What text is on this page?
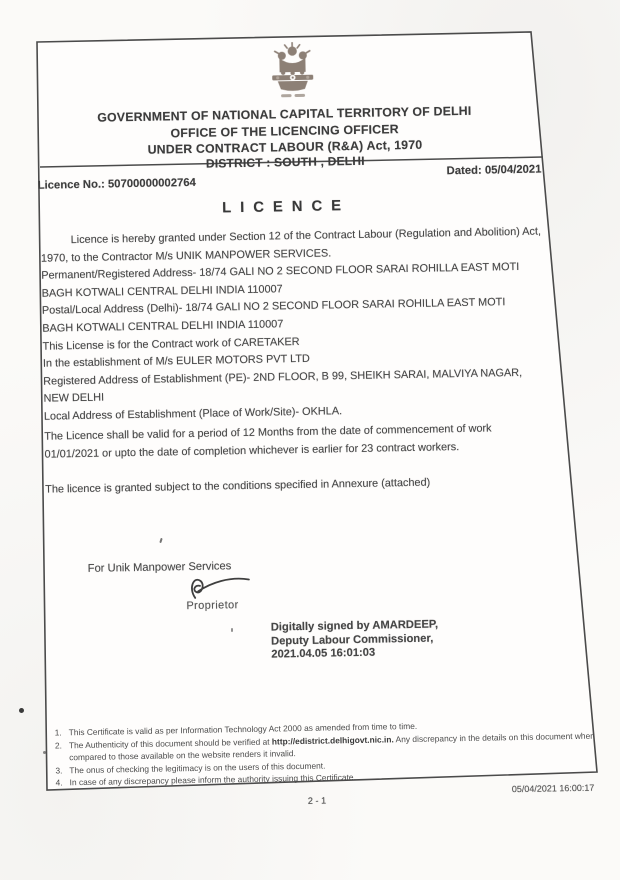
GOVERNMENT OF NATIONAL CAPITAL TERRITORY OF DELHI
OFFICE OF THE LICENCING OFFICER
UNDER CONTRACT LABOUR (R&A) Act, 1970
DISTRICT : SOUTH , DELHI
Licence No.: 50700000002764
Dated: 05/04/2021
LICENCE
Licence is hereby granted under Section 12 of the Contract Labour (Regulation and Abolition) Act,
1970, to the Contractor M/s UNIK MANPOWER SERVICES.
Permanent/Registered Address- 18/74 GALI NO 2 SECOND FLOOR SARAI ROHILLA EAST MOTI
BAGH KOTWALI CENTRAL DELHI INDIA 110007
Postal/Local Address (Delhi)- 18/74 GALI NO 2 SECOND FLOOR SARAI ROHILLA EAST MOTI
BAGH KOTWALI CENTRAL DELHI INDIA 110007
This License is for the Contract work of CARETAKER
In the establishment of M/s EULER MOTORS PVT LTD
Registered Address of Establishment (PE)- 2ND FLOOR, B 99, SHEIKH SARAI, MALVIYA NAGAR,
NEW DELHI
Local Address of Establishment (Place of Work/Site)- OKHLA.
The Licence shall be valid for a period of 12 Months from the date of commencement of work
01/01/2021 or upto the date of completion whichever is earlier for 23 contract workers.
The licence is granted subject to the conditions specified in Annexure (attached)
For Unik Manpower Services
Proprietor
Digitally signed by AMARDEEP,
Deputy Labour Commissioner,
2021.04.05 16:01:03
1. This Certificate is valid as per Information Technology Act 2000 as amended from time to time.
2. The Authenticity of this document should be verified at http://edistrict.delhigovt.nic.in. Any discrepancy in the details on this document when compared to those available on the website renders it invalid.
3. The onus of checking the legitimacy is on the users of this document.
4. In case of any discrepancy please inform the authority issuing this Certificate.
2 - 1
05/04/2021 16:00:17
